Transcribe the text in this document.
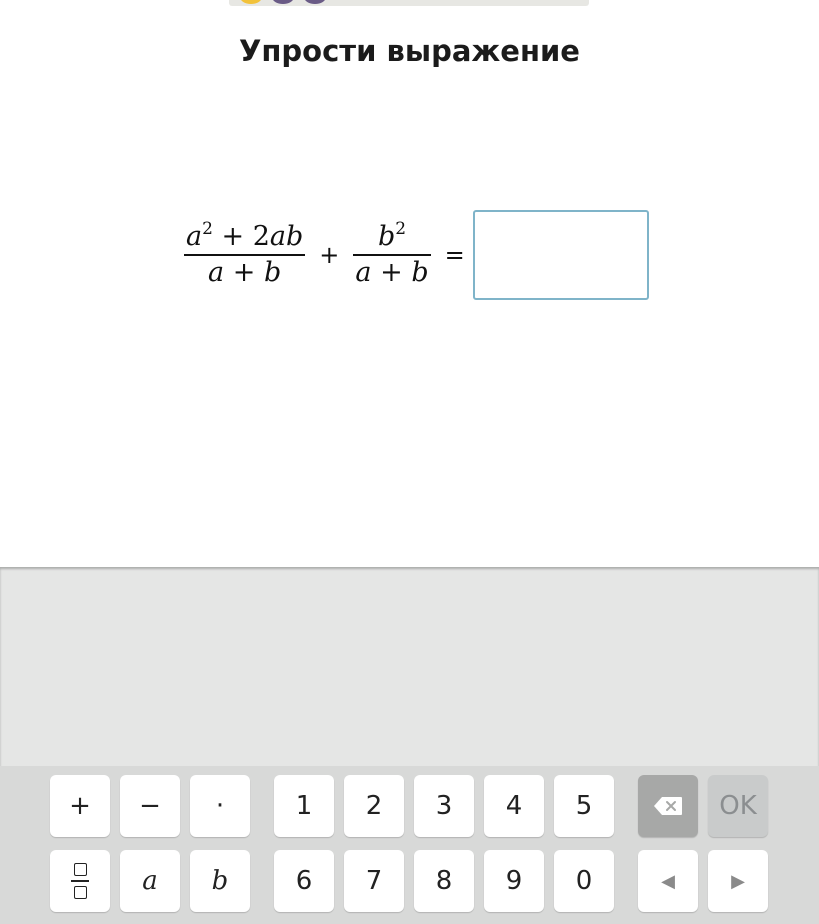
Упрости выражение
$\frac{a^2 + 2ab}{a + b} + \frac{b^2}{a + b}$ =
+	−	·	1	2	3	4	5	OK
a	b	6	7	8	9	0	◀	▶
